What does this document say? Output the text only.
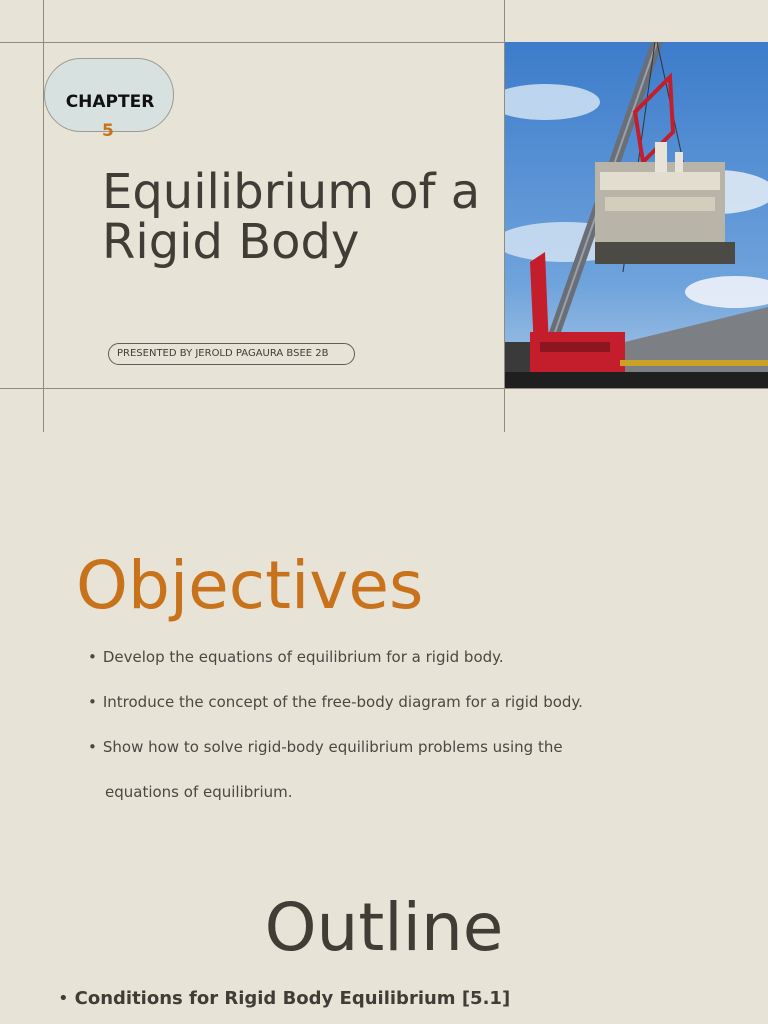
CHAPTER
5
Equilibrium of a Rigid Body
PRESENTED BY JEROLD PAGAURA BSEE 2B
Objectives
• Develop the equations of equilibrium for a rigid body.
• Introduce the concept of the free-body diagram for a rigid body.
• Show how to solve rigid-body equilibrium problems using the
equations of equilibrium.
Outline
• Conditions for Rigid Body Equilibrium [5.1]
